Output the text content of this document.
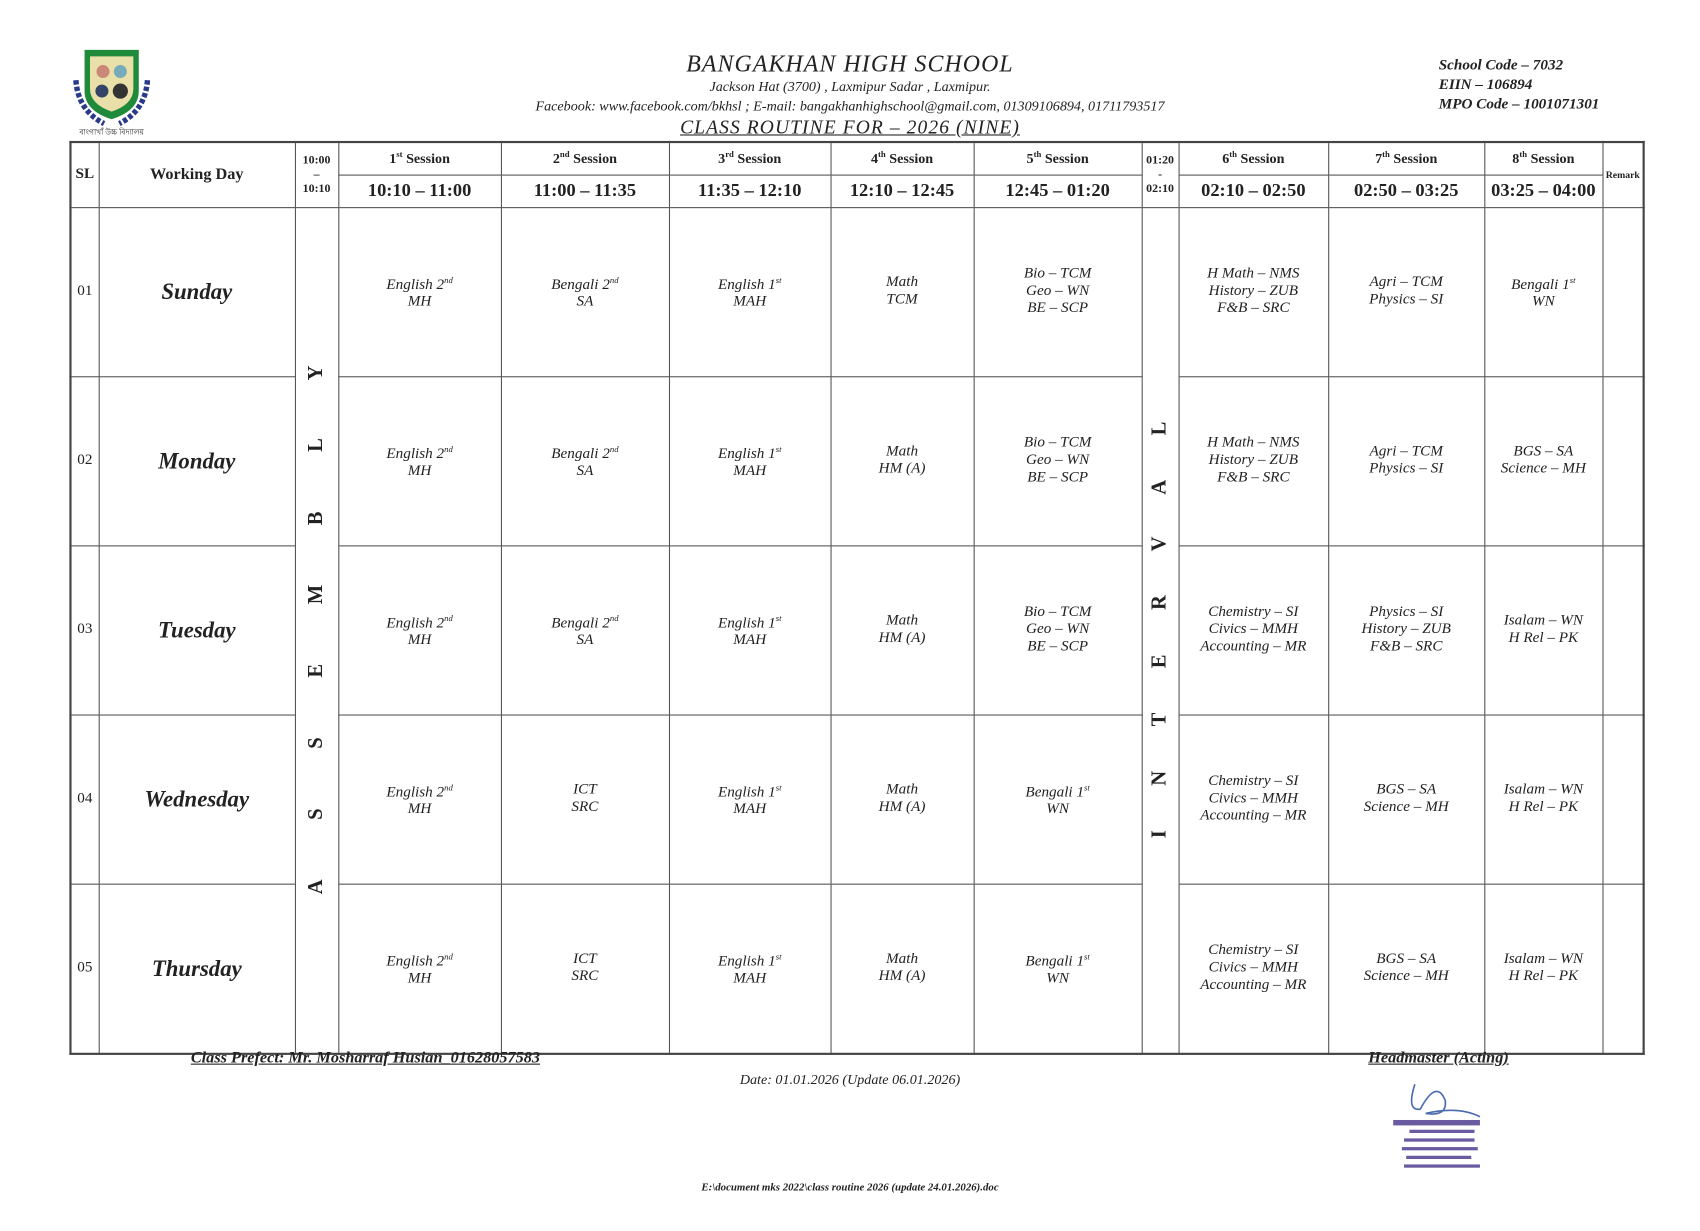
বাংগাখাঁ উচ্চ বিদ্যালয়
BANGAKHAN HIGH SCHOOL
Jackson Hat (3700) , Laxmipur Sadar , Laxmipur.
Facebook: www.facebook.com/bkhsl ; E-mail: bangakhanhighschool@gmail.com, 01309106894, 01711793517
CLASS ROUTINE FOR – 2026 (NINE)
School Code – 7032
EIIN – 106894
MPO Code – 1001071301
SL	Working Day	10:00
–
10:10	1st Session	2nd Session	3rd Session	4th Session	5th Session	01:20
-
02:10	6th Session	7th Session	8th Session	Remark
			10:10 – 11:00	11:00 – 11:35	11:35 – 12:10	12:10 – 12:45	12:45 – 01:20		02:10 – 02:50	02:50 – 03:25	03:25 – 04:00	
01	Sunday	ASSEMBLY	English 2nd
MH	Bengali 2nd
SA	English 1st
MAH	Math
TCM	Bio – TCM
Geo – WN
BE – SCP	INTERVAL	H Math – NMS
History – ZUB
F&B – SRC	Agri – TCM
Physics – SI	Bengali 1st
WN	
02	Monday		English 2nd
MH	Bengali 2nd
SA	English 1st
MAH	Math
HM (A)	Bio – TCM
Geo – WN
BE – SCP		H Math – NMS
History – ZUB
F&B – SRC	Agri – TCM
Physics – SI	BGS – SA
Science – MH	
03	Tuesday		English 2nd
MH	Bengali 2nd
SA	English 1st
MAH	Math
HM (A)	Bio – TCM
Geo – WN
BE – SCP		Chemistry – SI
Civics – MMH
Accounting – MR	Physics – SI
History – ZUB
F&B – SRC	Isalam – WN
H Rel – PK	
04	Wednesday		English 2nd
MH	ICT
SRC	English 1st
MAH	Math
HM (A)	Bengali 1st
WN		Chemistry – SI
Civics – MMH
Accounting – MR	BGS – SA
Science – MH	Isalam – WN
H Rel – PK	
05	Thursday		English 2nd
MH	ICT
SRC	English 1st
MAH	Math
HM (A)	Bengali 1st
WN		Chemistry – SI
Civics – MMH
Accounting – MR	BGS – SA
Science – MH	Isalam – WN
H Rel – PK	
Class Prefect: Mr. Mosharraf Husian_01628057583	Headmaster (Acting)
Date: 01.01.2026 (Update 06.01.2026)
E:\document mks 2022\class routine 2026 (update 24.01.2026).doc
